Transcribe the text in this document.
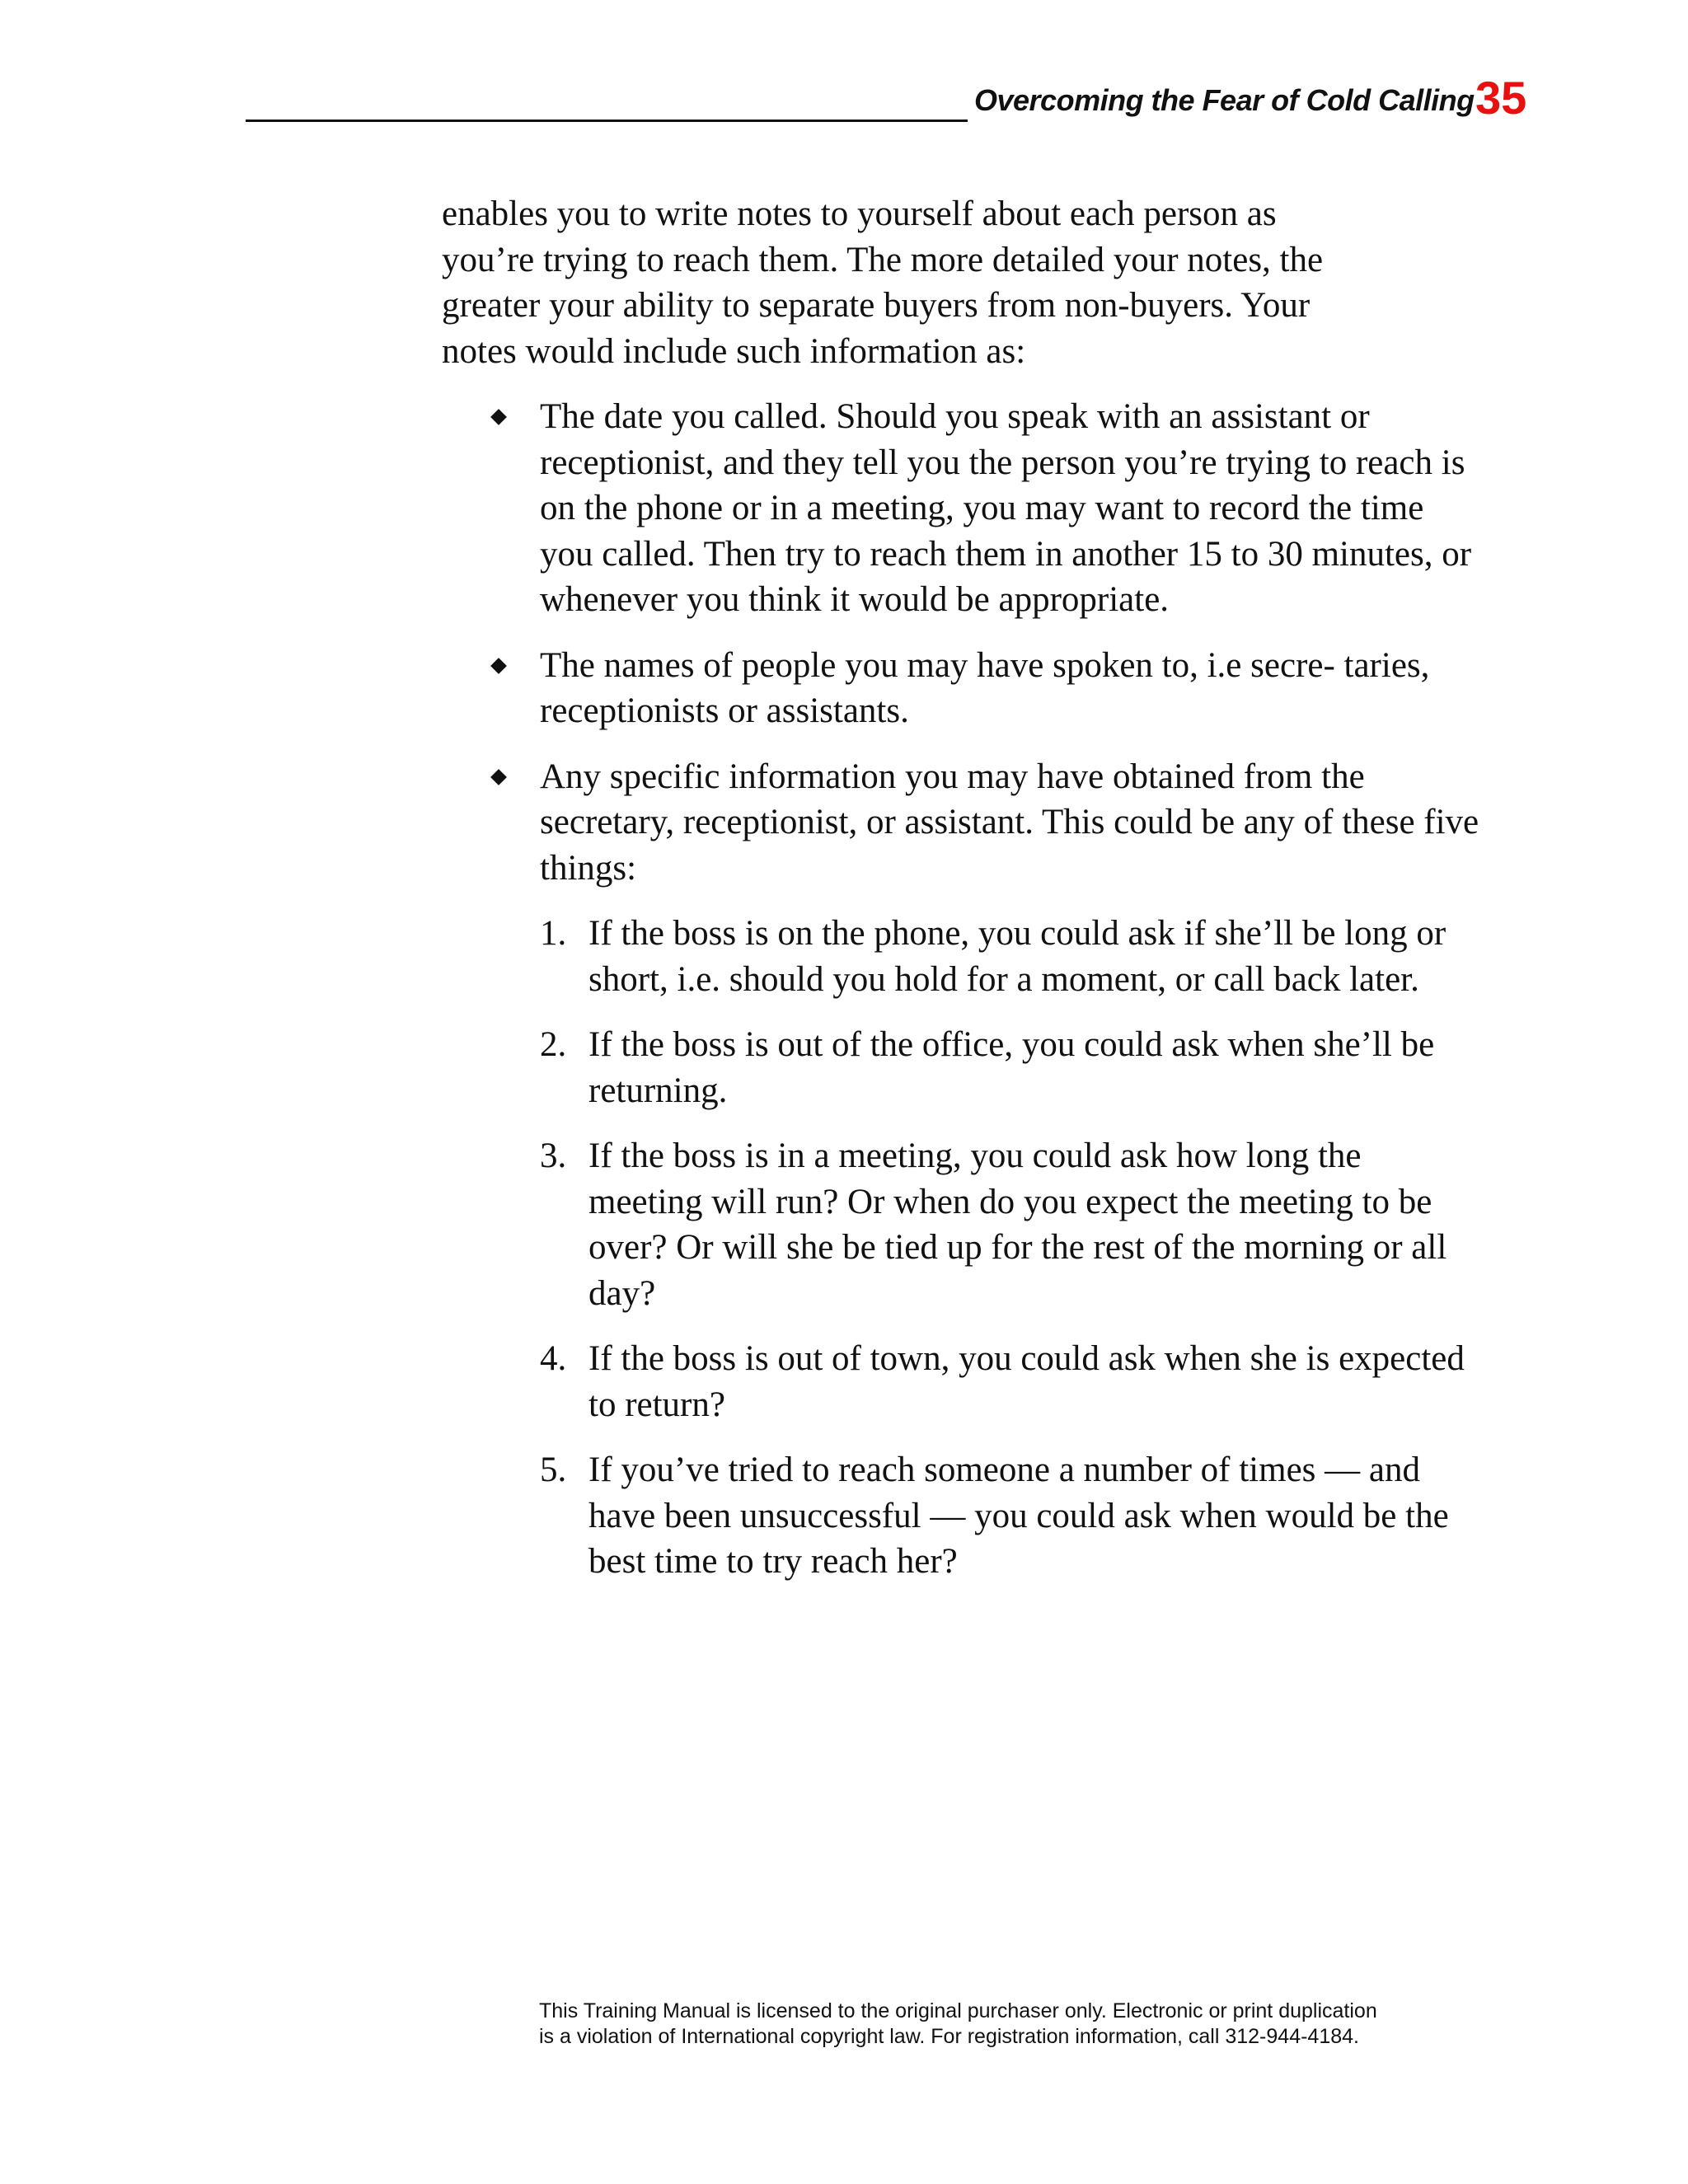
Overcoming the Fear of Cold Calling 35

enables you to write notes to yourself about each person as you’re trying to reach them. The more detailed your notes, the greater your ability to separate buyers from non-buyers. Your notes would include such information as:

The date you called. Should you speak with an assistant or receptionist, and they tell you the person you’re trying to reach is on the phone or in a meeting, you may want to record the time you called. Then try to reach them in another 15 to 30 minutes, or whenever you think it would be appropriate.
The names of people you may have spoken to, i.e secre- taries, receptionists or assistants.
Any specific information you may have obtained from the secretary, receptionist, or assistant. This could be any of these five things:
1. If the boss is on the phone, you could ask if she’ll be long or short, i.e. should you hold for a moment, or call back later.
2. If the boss is out of the office, you could ask when she’ll be returning.
3. If the boss is in a meeting, you could ask how long the meeting will run? Or when do you expect the meeting to be over? Or will she be tied up for the rest of the morning or all day?
4. If the boss is out of town, you could ask when she is expected to return?
5. If you’ve tried to reach someone a number of times — and have been unsuccessful — you could ask when would be the best time to try reach her?
This Training Manual is licensed to the original purchaser only. Electronic or print duplication
is a violation of International copyright law. For registration information, call 312-944-4184.
